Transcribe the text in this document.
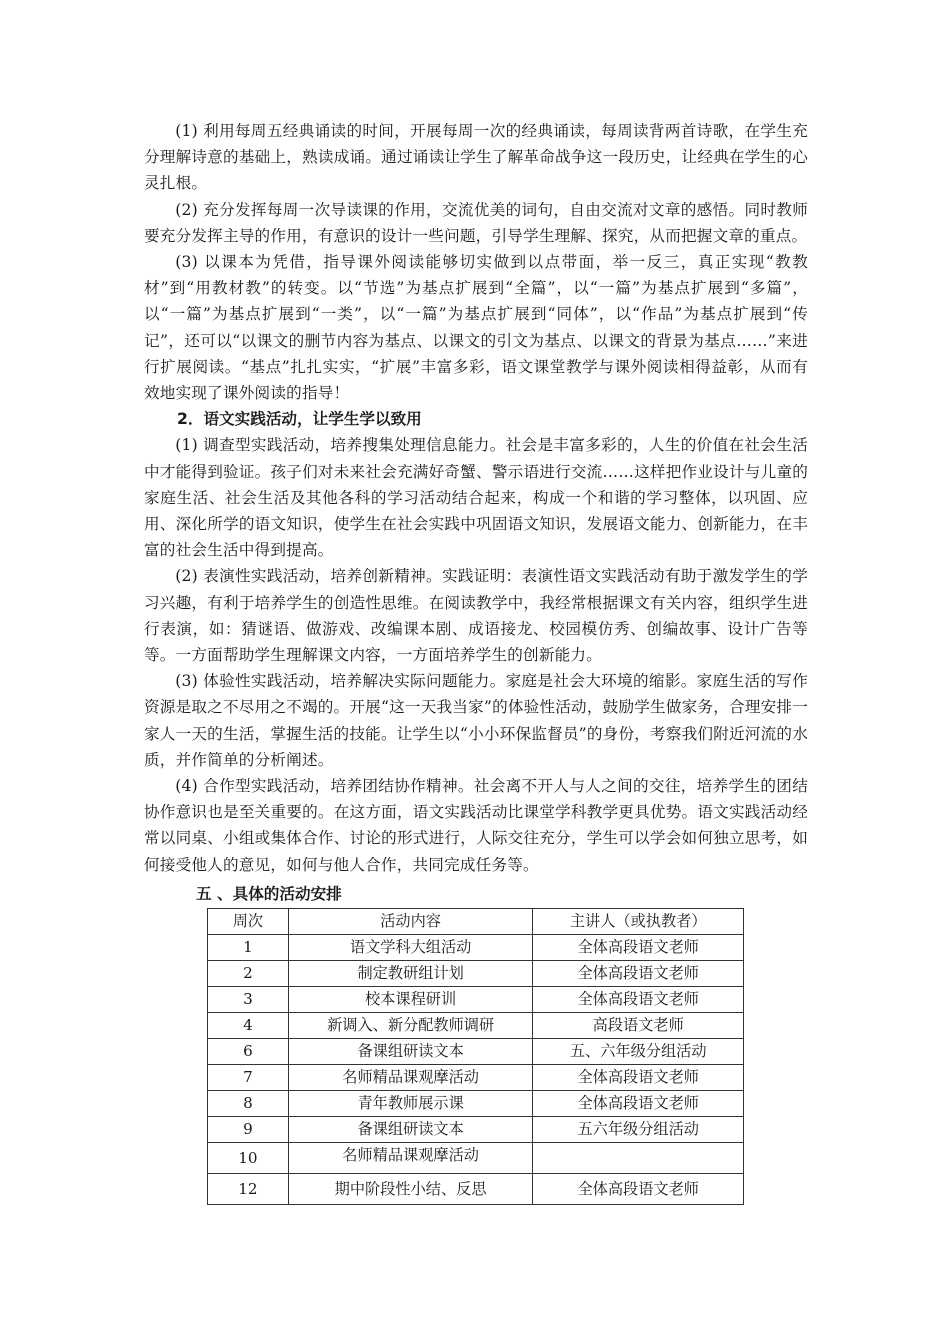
(1) 利用每周五经典诵读的时间，开展每周一次的经典诵读，每周读背两首诗歌，在学生充分理解诗意的基础上，熟读成诵。通过诵读让学生了解革命战争这一段历史，让经典在学生的心灵扎根。

(2) 充分发挥每周一次导读课的作用，交流优美的词句，自由交流对文章的感悟。同时教师要充分发挥主导的作用，有意识的设计一些问题，引导学生理解、探究，从而把握文章的重点。

(3) 以课本为凭借，指导课外阅读能够切实做到以点带面，举一反三，真正实现“教教材”到“用教材教”的转变。以“节选”为基点扩展到“全篇”，以“一篇”为基点扩展到“多篇”，以“一篇”为基点扩展到“一类”，以“一篇”为基点扩展到“同体”，以“作品”为基点扩展到“传记”，还可以“以课文的删节内容为基点、以课文的引文为基点、以课文的背景为基点……”来进行扩展阅读。“基点”扎扎实实，“扩展”丰富多彩，语文课堂教学与课外阅读相得益彰，从而有效地实现了课外阅读的指导！

2．语文实践活动，让学生学以致用

(1) 调查型实践活动，培养搜集处理信息能力。社会是丰富多彩的，人生的价值在社会生活中才能得到验证。孩子们对未来社会充满好奇蟹、警示语进行交流……这样把作业设计与儿童的家庭生活、社会生活及其他各科的学习活动结合起来，构成一个和谐的学习整体，以巩固、应用、深化所学的语文知识，使学生在社会实践中巩固语文知识，发展语文能力、创新能力，在丰富的社会生活中得到提高。

(2) 表演性实践活动，培养创新精神。实践证明：表演性语文实践活动有助于激发学生的学习兴趣，有利于培养学生的创造性思维。在阅读教学中，我经常根据课文有关内容，组织学生进行表演，如：猜谜语、做游戏、改编课本剧、成语接龙、校园模仿秀、创编故事、设计广告等等。一方面帮助学生理解课文内容，一方面培养学生的创新能力。

(3) 体验性实践活动，培养解决实际问题能力。家庭是社会大环境的缩影。家庭生活的写作资源是取之不尽用之不竭的。开展“这一天我当家”的体验性活动，鼓励学生做家务，合理安排一家人一天的生活，掌握生活的技能。让学生以“小小环保监督员”的身份，考察我们附近河流的水质，并作简单的分析阐述。

(4) 合作型实践活动，培养团结协作精神。社会离不开人与人之间的交往，培养学生的团结协作意识也是至关重要的。在这方面，语文实践活动比课堂学科教学更具优势。语文实践活动经常以同桌、小组或集体合作、讨论的形式进行，人际交往充分，学生可以学会如何独立思考，如何接受他人的意见，如何与他人合作，共同完成任务等。

五 、具体的活动安排
周次	活动内容	主讲人（或执教者）
1	语文学科大组活动	全体高段语文老师
2	制定教研组计划	全体高段语文老师
3	校本课程研训	全体高段语文老师
4	新调入、新分配教师调研	高段语文老师
6	备课组研读文本	五、六年级分组活动
7	名师精品课观摩活动	全体高段语文老师
8	青年教师展示课	全体高段语文老师
9	备课组研读文本	五六年级分组活动
10	名师精品课观摩活动	
12	期中阶段性小结、反思	全体高段语文老师
